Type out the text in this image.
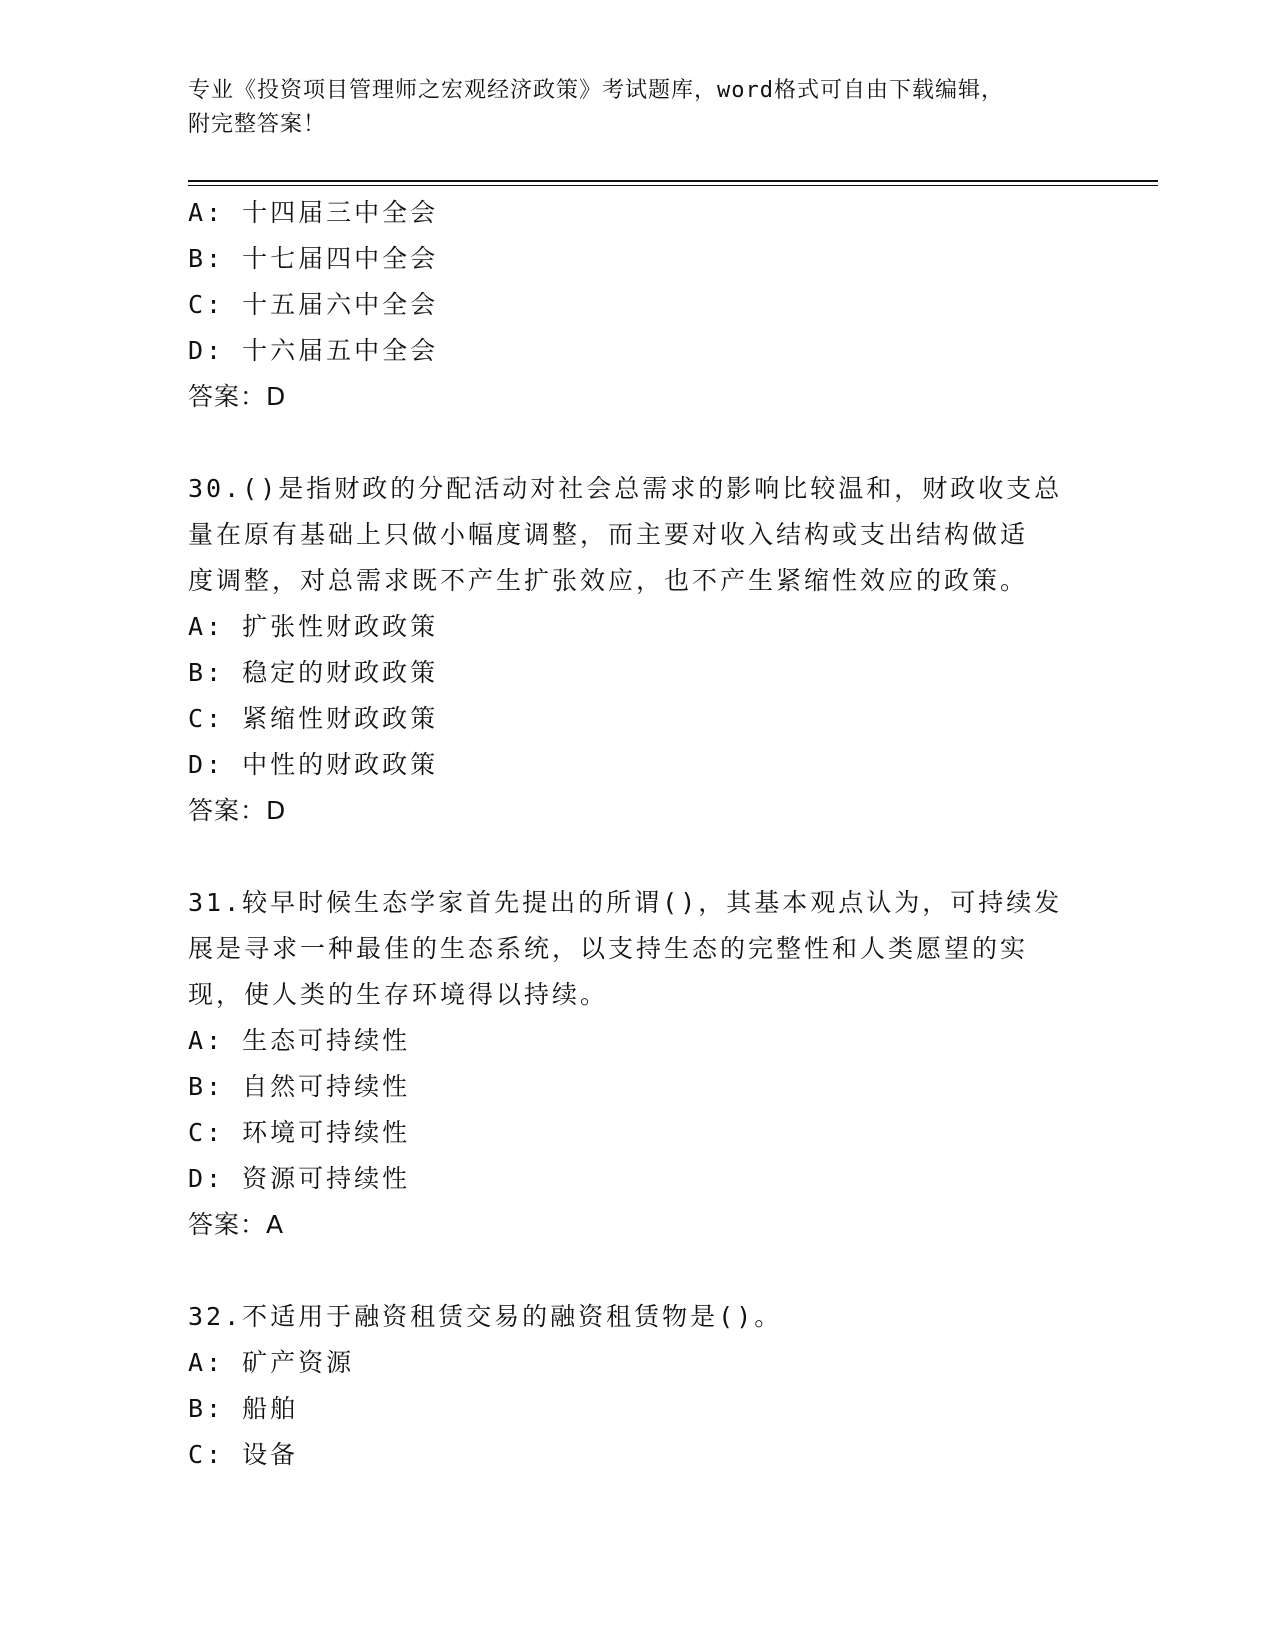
专业《投资项目管理师之宏观经济政策》考试题库，word格式可自由下载编辑，
附完整答案！
A: 十四届三中全会
B: 十七届四中全会
C: 十五届六中全会
D: 十六届五中全会
答案：D
30.()是指财政的分配活动对社会总需求的影响比较温和，财政收支总
量在原有基础上只做小幅度调整，而主要对收入结构或支出结构做适
度调整，对总需求既不产生扩张效应，也不产生紧缩性效应的政策。
A: 扩张性财政政策
B: 稳定的财政政策
C: 紧缩性财政政策
D: 中性的财政政策
答案：D
31.较早时候生态学家首先提出的所谓()，其基本观点认为，可持续发
展是寻求一种最佳的生态系统，以支持生态的完整性和人类愿望的实
现，使人类的生存环境得以持续。
A: 生态可持续性
B: 自然可持续性
C: 环境可持续性
D: 资源可持续性
答案：A
32.不适用于融资租赁交易的融资租赁物是()。
A: 矿产资源
B: 船舶
C: 设备
